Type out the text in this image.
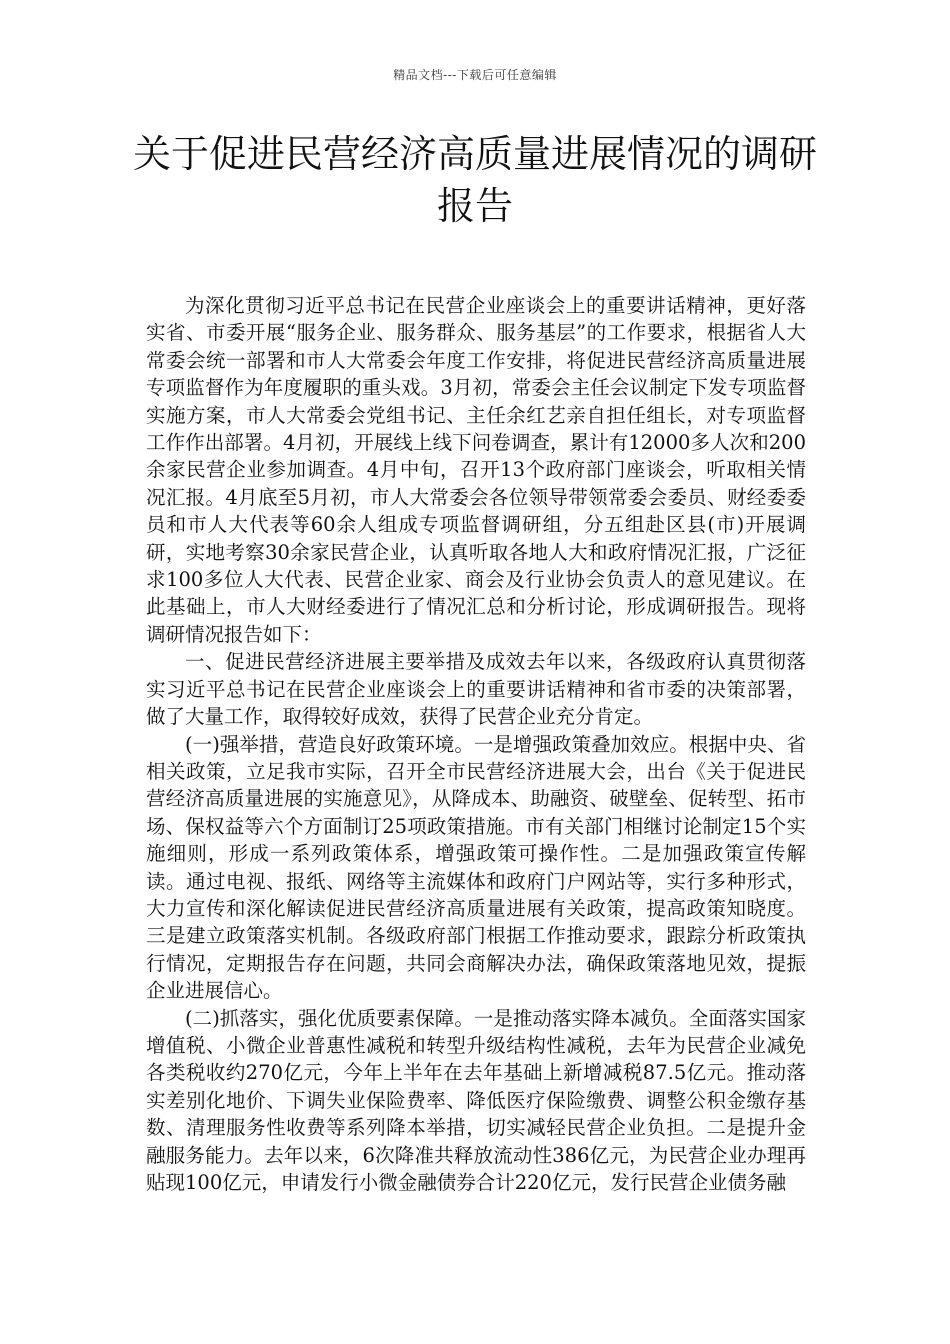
精品文档---下载后可任意编辑
关于促进民营经济高质量进展情况的调研报告

为深化贯彻习近平总书记在民营企业座谈会上的重要讲话精神，更好落实省、市委开展“服务企业、服务群众、服务基层”的工作要求，根据省人大常委会统一部署和市人大常委会年度工作安排，将促进民营经济高质量进展专项监督作为年度履职的重头戏。3月初，常委会主任会议制定下发专项监督实施方案，市人大常委会党组书记、主任余红艺亲自担任组长，对专项监督工作作出部署。4月初，开展线上线下问卷调查，累计有12000多人次和200余家民营企业参加调查。4月中旬，召开13个政府部门座谈会，听取相关情况汇报。4月底至5月初，市人大常委会各位领导带领常委会委员、财经委委员和市人大代表等60余人组成专项监督调研组，分五组赴区县(市)开展调研，实地考察30余家民营企业，认真听取各地人大和政府情况汇报，广泛征求100多位人大代表、民营企业家、商会及行业协会负责人的意见建议。在此基础上，市人大财经委进行了情况汇总和分析讨论，形成调研报告。现将调研情况报告如下：

一、促进民营经济进展主要举措及成效去年以来，各级政府认真贯彻落实习近平总书记在民营企业座谈会上的重要讲话精神和省市委的决策部署，做了大量工作，取得较好成效，获得了民营企业充分肯定。

(一)强举措，营造良好政策环境。一是增强政策叠加效应。根据中央、省相关政策，立足我市实际，召开全市民营经济进展大会，出台《关于促进民营经济高质量进展的实施意见》，从降成本、助融资、破壁垒、促转型、拓市场、保权益等六个方面制订25项政策措施。市有关部门相继讨论制定15个实施细则，形成一系列政策体系，增强政策可操作性。二是加强政策宣传解读。通过电视、报纸、网络等主流媒体和政府门户网站等，实行多种形式，大力宣传和深化解读促进民营经济高质量进展有关政策，提高政策知晓度。三是建立政策落实机制。各级政府部门根据工作推动要求，跟踪分析政策执行情况，定期报告存在问题，共同会商解决办法，确保政策落地见效，提振企业进展信心。

(二)抓落实，强化优质要素保障。一是推动落实降本减负。全面落实国家增值税、小微企业普惠性减税和转型升级结构性减税，去年为民营企业减免各类税收约270亿元，今年上半年在去年基础上新增减税87.5亿元。推动落实差别化地价、下调失业保险费率、降低医疗保险缴费、调整公积金缴存基数、清理服务性收费等系列降本举措，切实减轻民营企业负担。二是提升金融服务能力。去年以来，6次降准共释放流动性386亿元，为民营企业办理再贴现100亿元，申请发行小微金融债券合计220亿元，发行民营企业债务融
